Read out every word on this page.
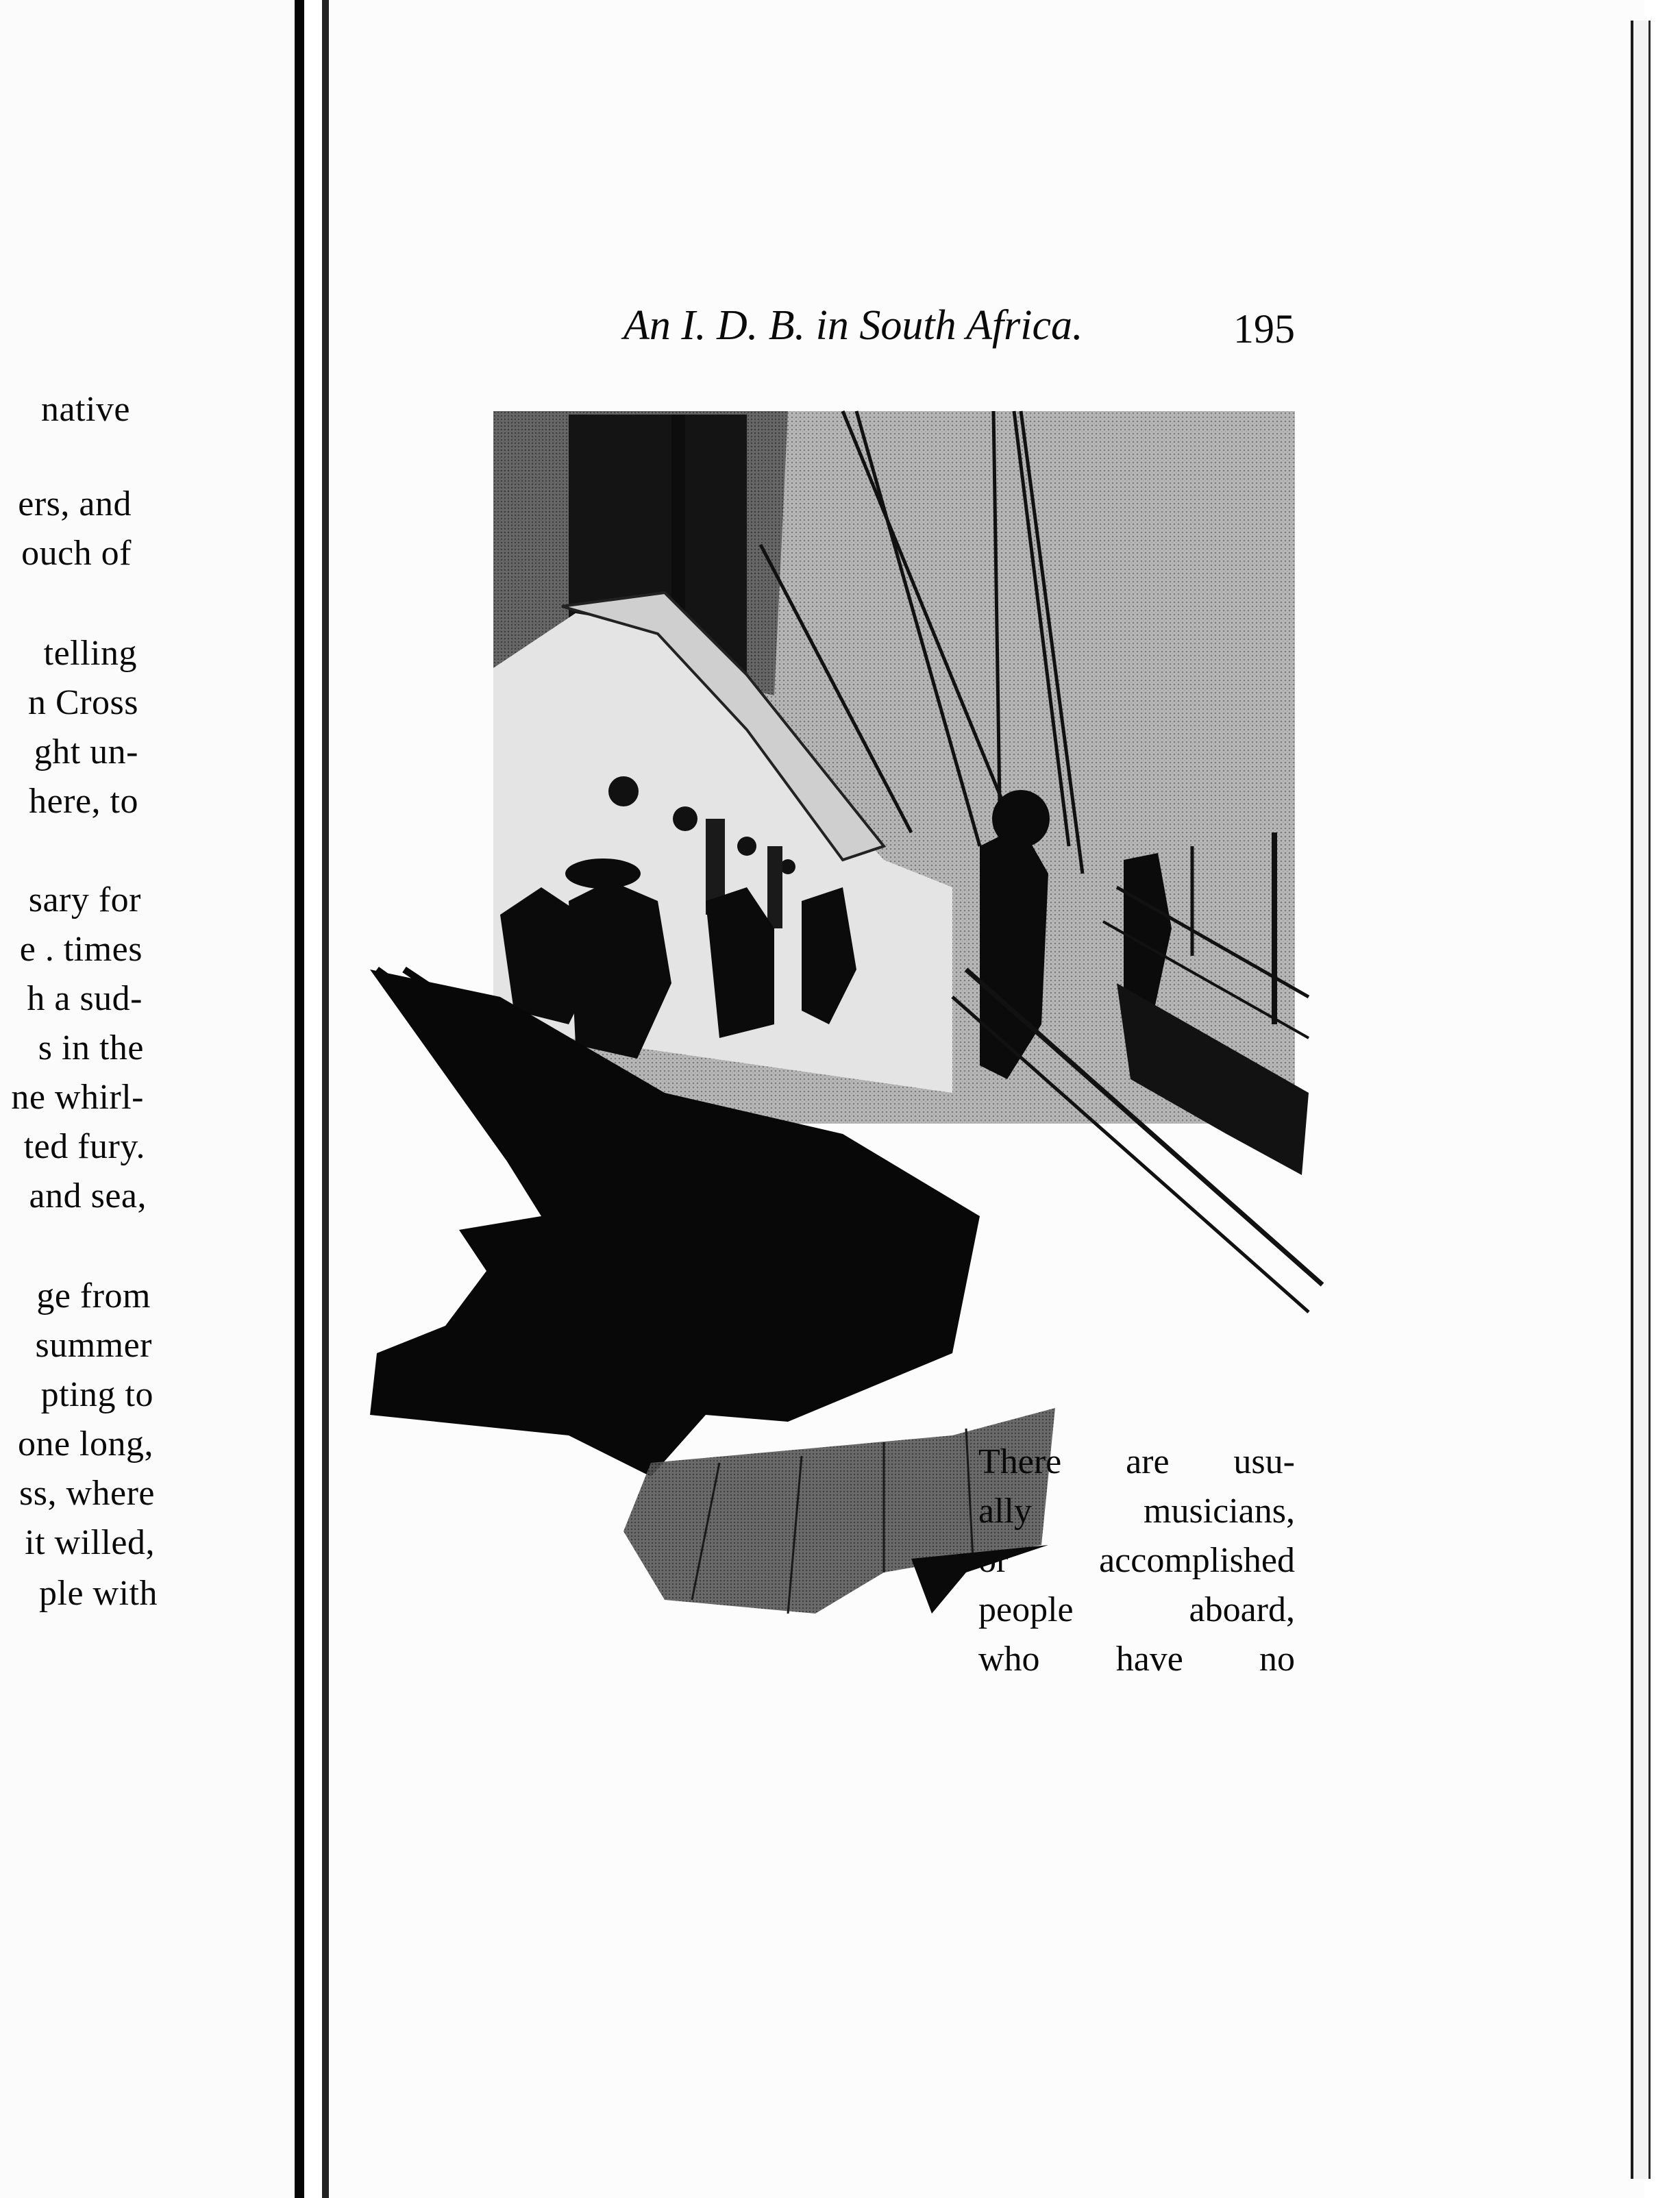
native
ers, and
ouch of
telling
n Cross
ght un-
here, to
sary for
e . times
h a sud-
s in the
ne whirl-
ted fury.
and sea,
ge from
summer
pting to
one long,
ss, where
it willed,
ple with
An I. D. B. in South Africa.	195
There are usu-
ally musicians,
or accomplished
people aboard,
who have no
